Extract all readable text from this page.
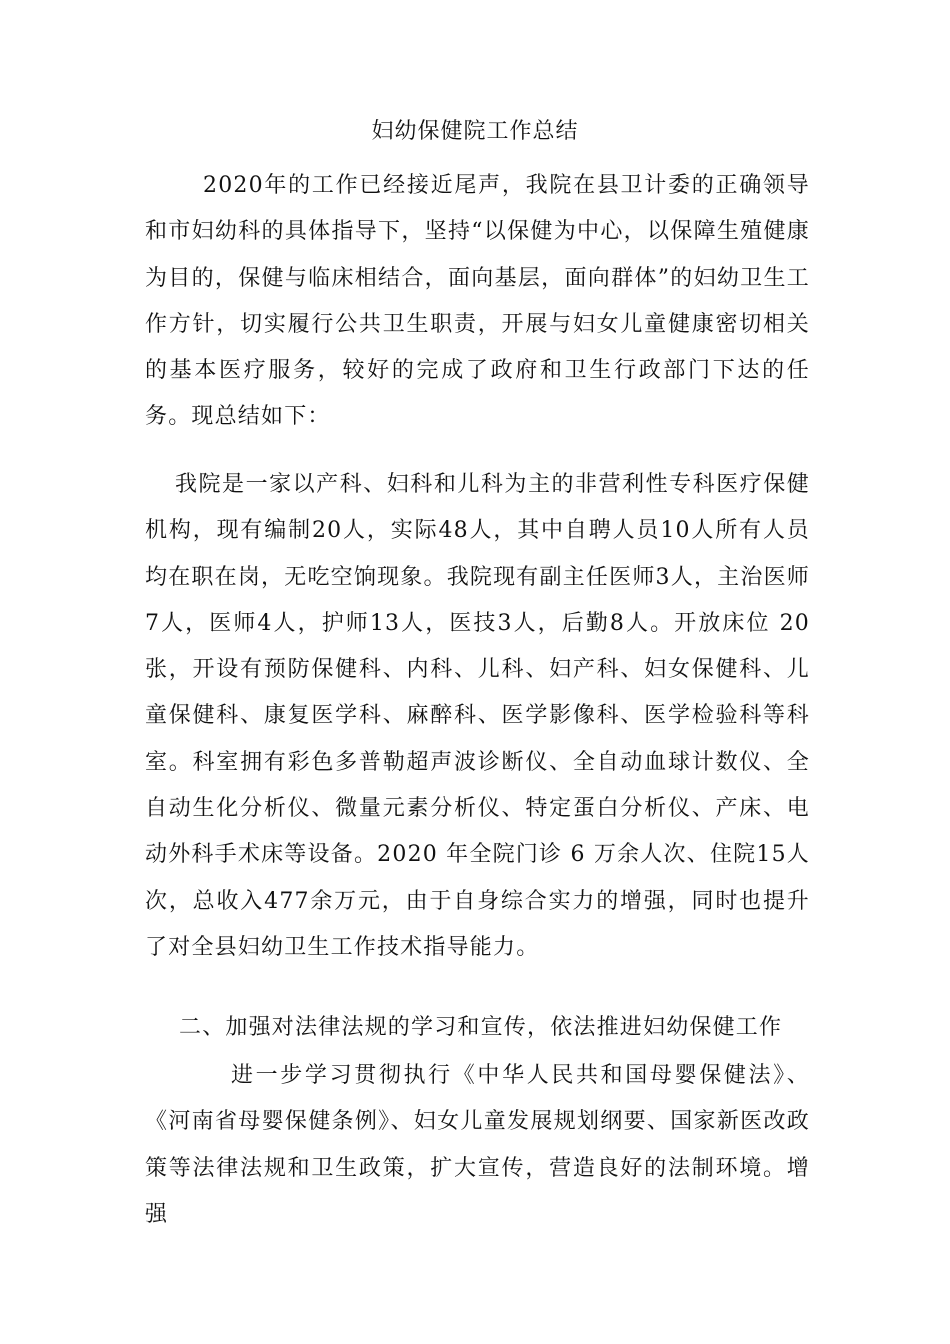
妇幼保健院工作总结

2020年的工作已经接近尾声，我院在县卫计委的正确领导和市妇幼科的具体指导下，坚持“以保健为中心，以保障生殖健康为目的，保健与临床相结合，面向基层，面向群体”的妇幼卫生工作方针，切实履行公共卫生职责，开展与妇女儿童健康密切相关的基本医疗服务，较好的完成了政府和卫生行政部门下达的任务。现总结如下：

我院是一家以产科、妇科和儿科为主的非营利性专科医疗保健机构，现有编制20人，实际48人，其中自聘人员10人所有人员均在职在岗，无吃空饷现象。我院现有副主任医师3人，主治医师 7人，医师4人，护师13人，医技3人，后勤8人。开放床位 20张，开设有预防保健科、内科、儿科、妇产科、妇女保健科、儿童保健科、康复医学科、麻醉科、医学影像科、医学检验科等科室。科室拥有彩色多普勒超声波诊断仪、全自动血球计数仪、全自动生化分析仪、微量元素分析仪、特定蛋白分析仪、产床、电动外科手术床等设备。2020 年全院门诊 6 万余人次、住院15人次，总收入477余万元，由于自身综合实力的增强，同时也提升了对全县妇幼卫生工作技术指导能力。

二、加强对法律法规的学习和宣传，依法推进妇幼保健工作

进一步学习贯彻执行《中华人民共和国母婴保健法》、《河南省母婴保健条例》、妇女儿童发展规划纲要、国家新医改政策等法律法规和卫生政策，扩大宣传，营造良好的法制环境。增强
